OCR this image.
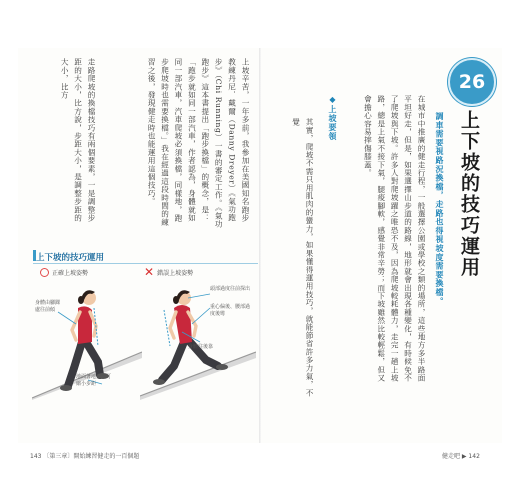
26
上下坡的技巧運用
調車需要視路況換檔，走路也得視坡度需要換檔。
在城市中推廣的健走行程，一般選擇公園或學校之類的場所，這些地方多半路面平坦好走，但是，如果選擇山步道的路線，地形就會出現各種變化，有時候免不了爬坡與下坡。許多人對爬坡躍之唯恐不及，因為爬坡較耗體力，走完一趟上坡路，總是上氣不接下氣，腿痠腳軟，感覺非常辛勞；而下坡雖然比較輕鬆，但又會擔心容易摔傷膝蓋。
◆上坡要領
其實，爬坡不需只用肌肉的蠻力，如果懂得運用技巧，就能節省許多力氣，不覺
健走吧 ▶ 142
上坡辛苦，一年多前，我參加在美國知名跑步教練丹尼．戴爾（Danny Dreyer）《氣功跑步》（Chi Running）一書的審定工作。《氣功跑步》這本書提出「跑步換檔」的概念，是：「跑步就如同一部汽車，作者認為，身體就如同一部汽車，汽車爬坡必須換檔，同樣地，跑步爬坡時也需要換檔。」我在經過這段時間的練習之後，發現健走時也能運用這個技巧。
走路爬坡的換檔技巧有兩個要素，一是調整步距的大小，比方說，步距大小，是調整步距的大小，比方
上下坡的技巧運用
正確上坡姿勢	✕ 錯誤上坡姿勢
身體由腳踝處往前傾
地面著地步伐可縮小步距
頭部過度往前探出
重心偏後、腰部過度後彎
身體往後靠
143 〔第三章〕開始練習健走的一百個題
